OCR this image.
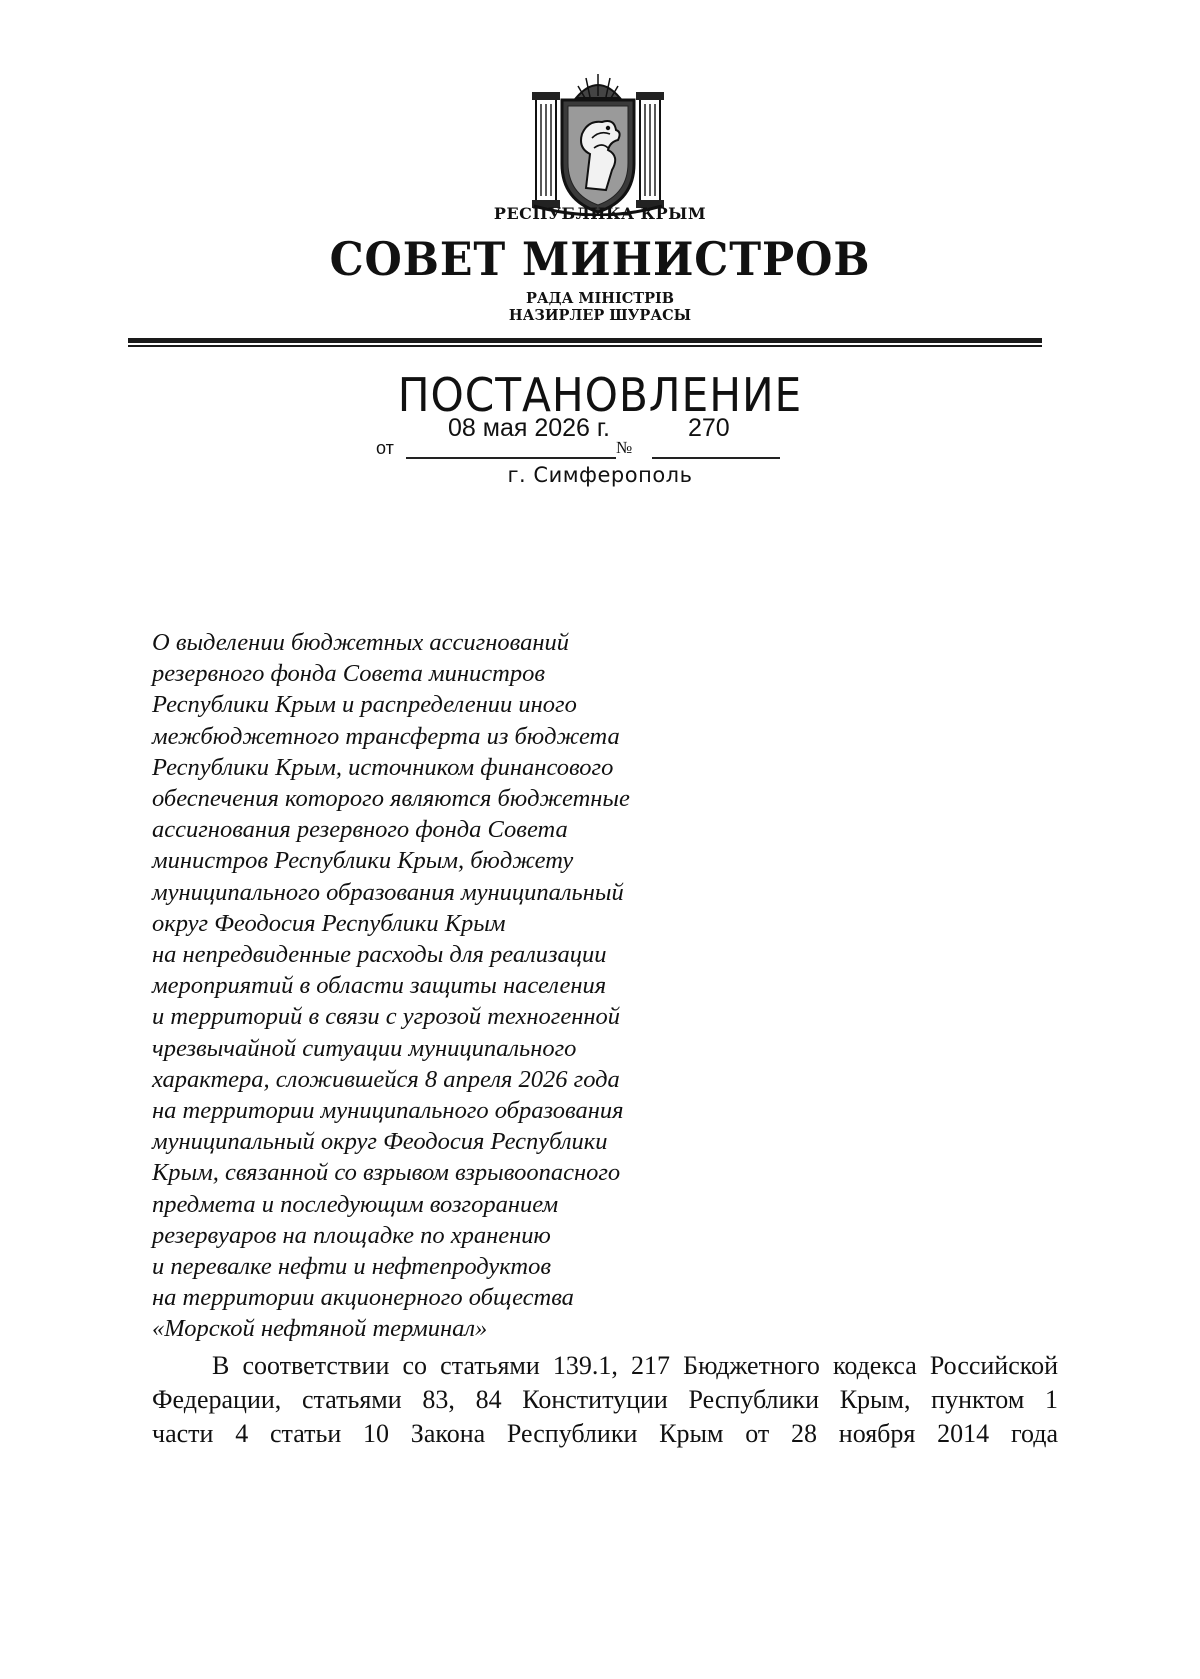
РЕСПУБЛИКА КРЫМ
СОВЕТ МИНИСТРОВ
РАДА МІНІСТРІВ
НАЗИРЛЕР ШУРАСЫ
ПОСТАНОВЛЕНИЕ
08 мая 2026 г.	270
от	№
г. Симферополь
О выделении бюджетных ассигнований
резервного фонда Совета министров
Республики Крым и распределении иного
межбюджетного трансферта из бюджета
Республики Крым, источником финансового
обеспечения которого являются бюджетные
ассигнования резервного фонда Совета
министров Республики Крым, бюджету
муниципального образования муниципальный
округ Феодосия Республики Крым
на непредвиденные расходы для реализации
мероприятий в области защиты населения
и территорий в связи с угрозой техногенной
чрезвычайной ситуации муниципального
характера, сложившейся 8 апреля 2026 года
на территории муниципального образования
муниципальный округ Феодосия Республики
Крым, связанной со взрывом взрывоопасного
предмета и последующим возгоранием
резервуаров на площадке по хранению
и перевалке нефти и нефтепродуктов
на территории акционерного общества
«Морской нефтяной терминал»

В соответствии со статьями 139.1, 217 Бюджетного кодекса Российской

Федерации, статьями 83, 84 Конституции Республики Крым, пунктом 1

части 4 статьи 10 Закона Республики Крым от 28 ноября 2014 года
